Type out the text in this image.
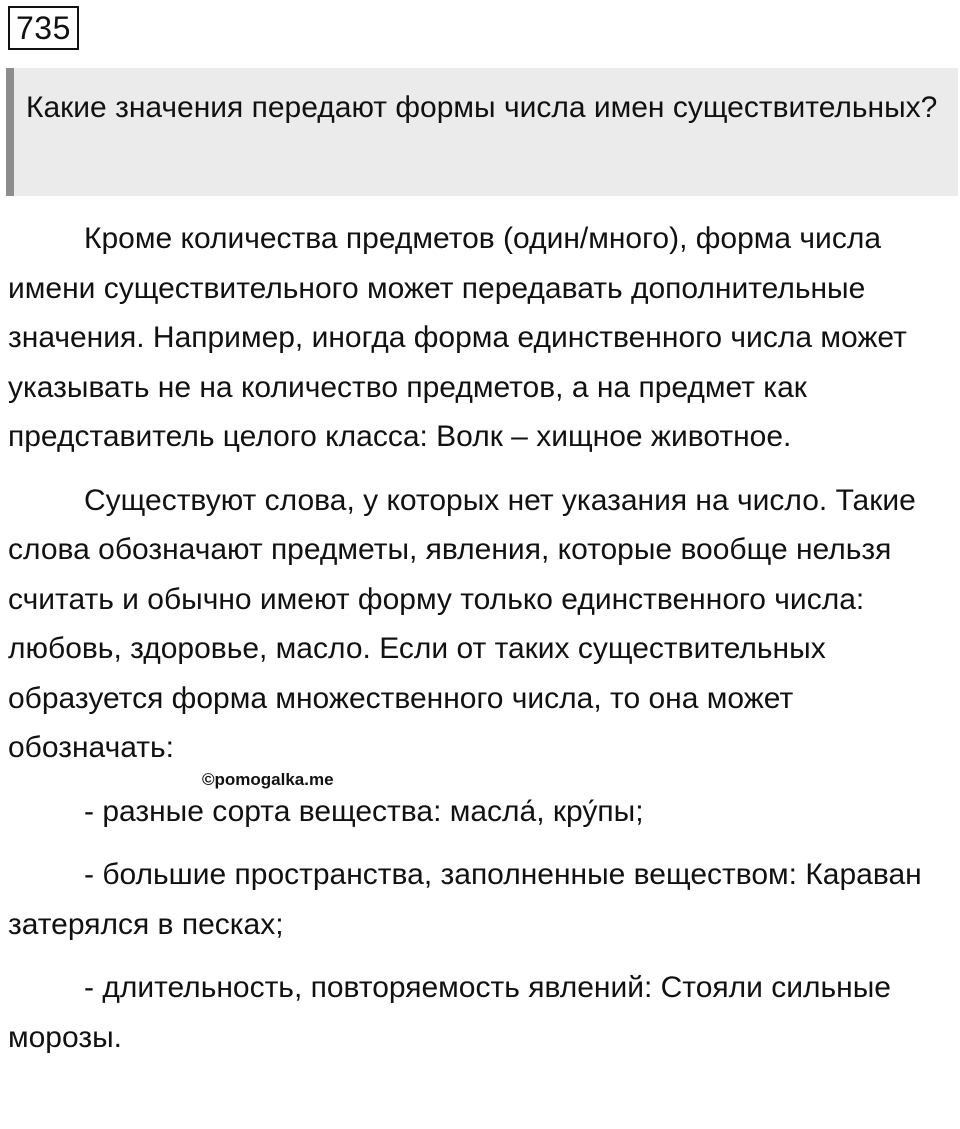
735
Какие значения передают формы числа имен существительных?

Кроме количества предметов (один/много), форма числа имени существительного может передавать дополнительные значения. Например, иногда форма единственного числа может указывать не на количество предметов, а на предмет как представитель целого класса: Волк – хищное животное.

Существуют слова, у которых нет указания на число. Такие слова обозначают предметы, явления, которые вообще нельзя считать и обычно имеют форму только единственного числа: любовь, здоровье, масло. Если от таких существительных образуется форма множественного числа, то она может обозначать:

- разные сорта вещества: масла́, кру́пы;

- большие пространства, заполненные веществом: Караван затерялся в песках;

- длительность, повторяемость явлений: Стояли сильные морозы.

©pomogalka.me
